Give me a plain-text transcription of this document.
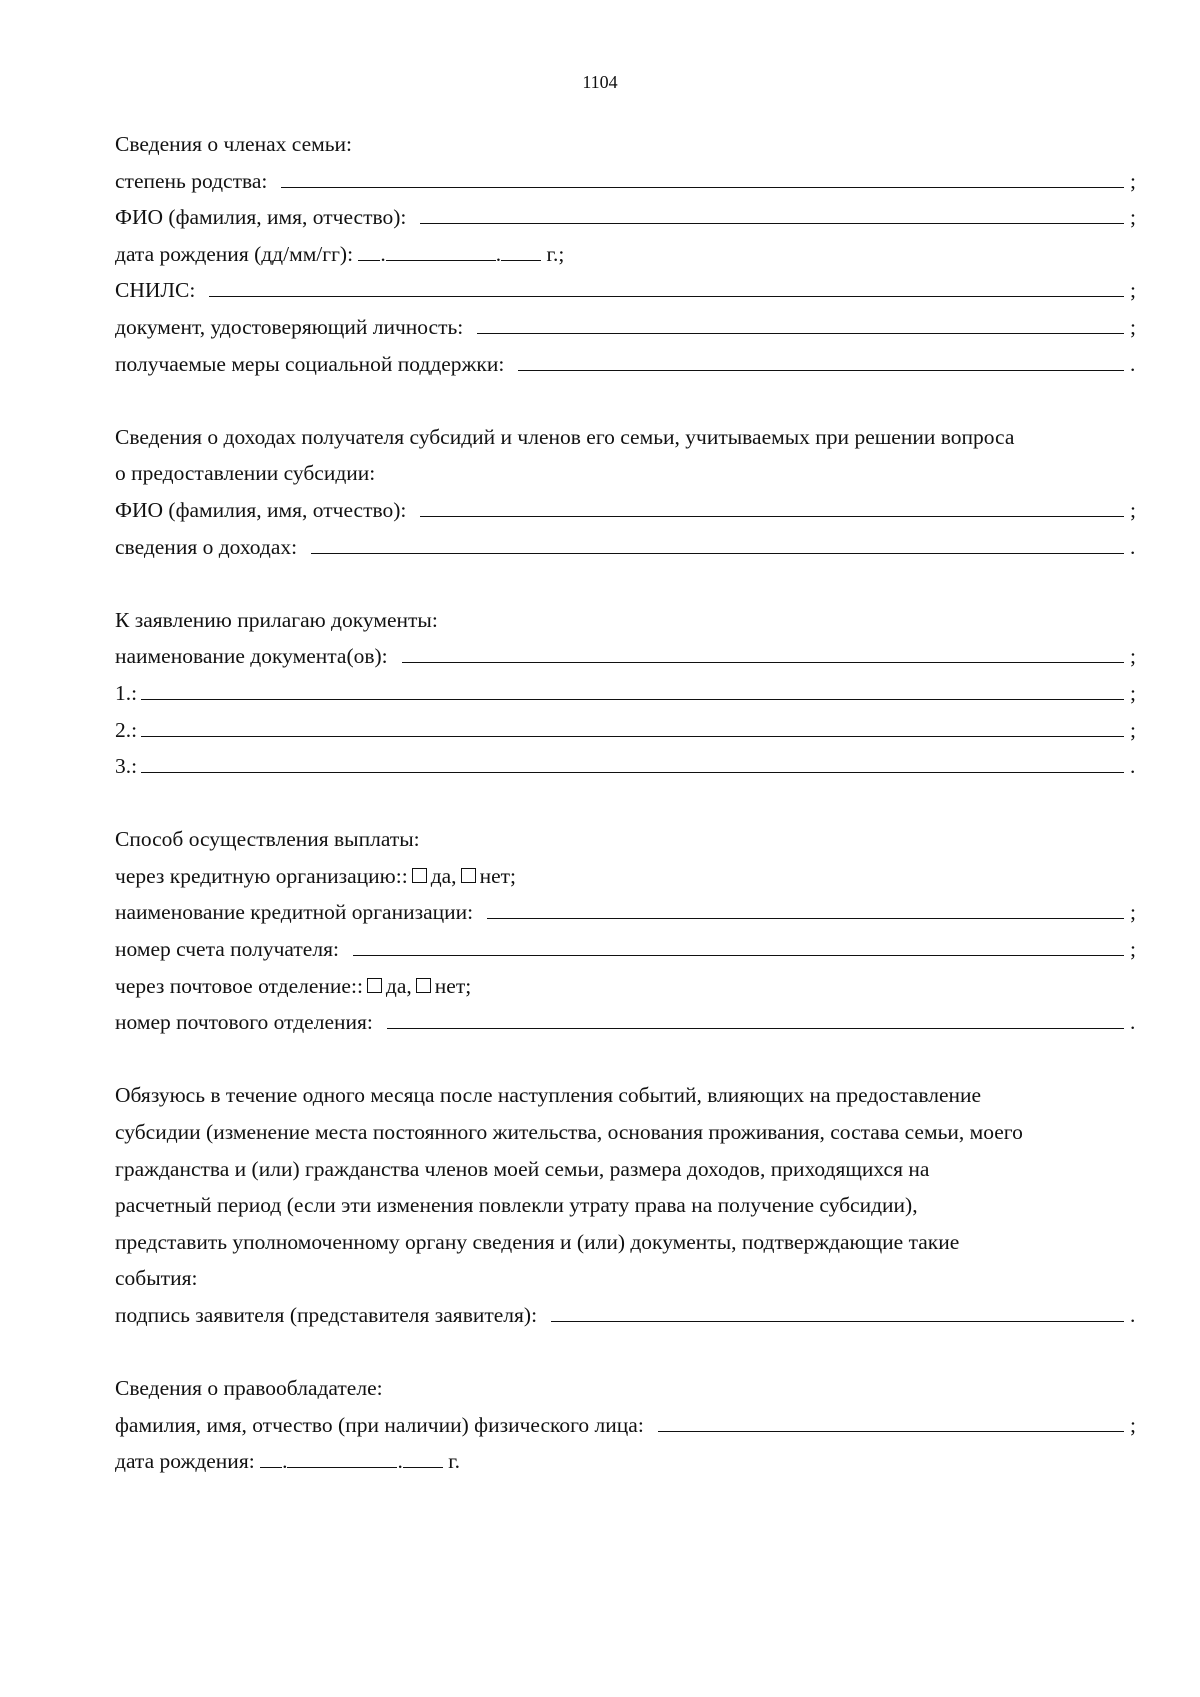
1104
Сведения о членах семьи:
степень родства:	;
ФИО (фамилия, имя, отчество):	;
дата рождения (дд/мм/гг):
.	. г.;
СНИЛС:	;
документ, удостоверяющий личность:	;
получаемые меры социальной поддержки:	.
Сведения о доходах получателя субсидий и членов его семьи, учитываемых при решении вопроса
о предоставлении субсидии:
ФИО (фамилия, имя, отчество):	;
сведения о доходах:	.
К заявлению прилагаю документы:
наименование документа(ов):	;
1.:	;
2.:	;
3.:	.
Способ осуществления выплаты:
через кредитную организацию:: да, нет;
наименование кредитной организации:	;
номер счета получателя:	;
через почтовое отделение:: да, нет;
номер почтового отделения:	.
Обязуюсь в течение одного месяца после наступления событий, влияющих на предоставление
субсидии (изменение места постоянного жительства, основания проживания, состава семьи, моего
гражданства и (или) гражданства членов моей семьи, размера доходов, приходящихся на
расчетный период (если эти изменения повлекли утрату права на получение субсидии),
представить уполномоченному органу сведения и (или) документы, подтверждающие такие
события:
подпись заявителя (представителя заявителя):	.
Сведения о правообладателе:
фамилия, имя, отчество (при наличии) физического лица:	;
дата рождения:
.	. г.
